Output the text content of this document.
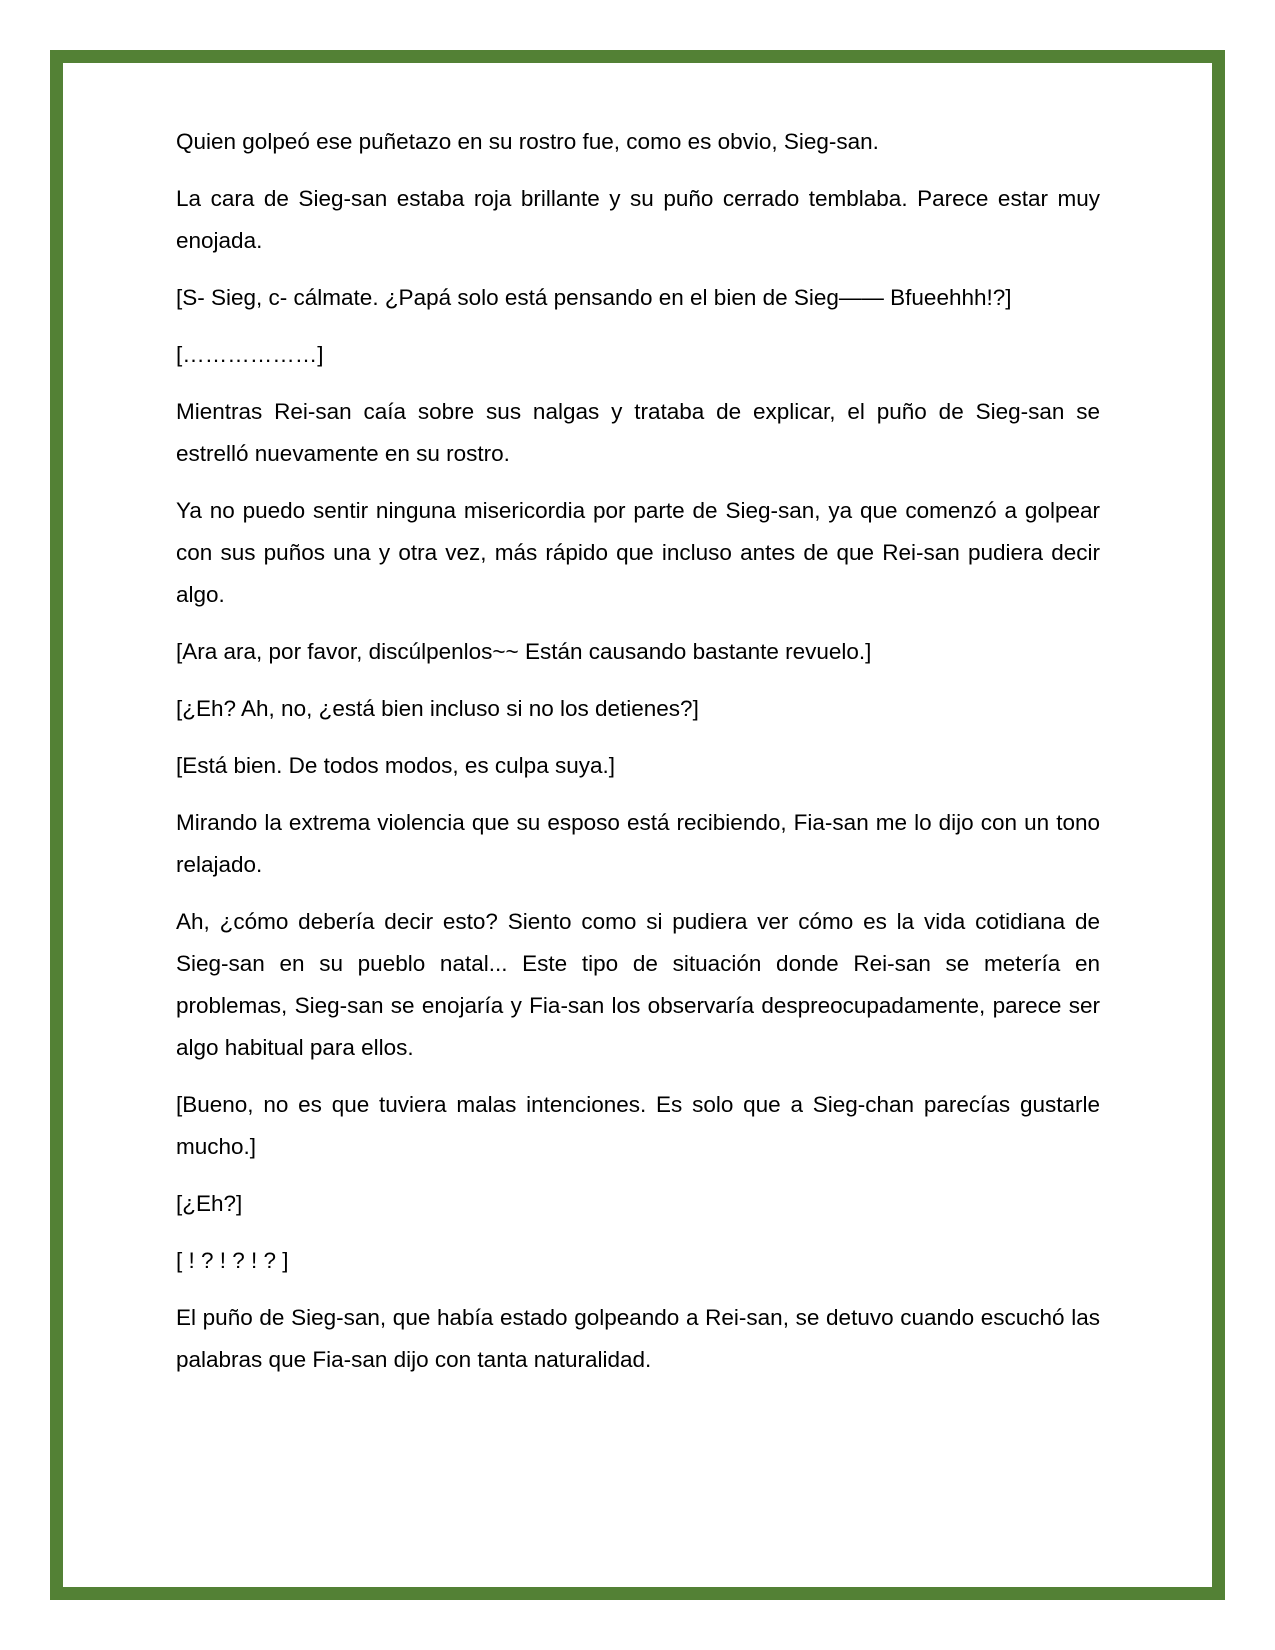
Quien golpeó ese puñetazo en su rostro fue, como es obvio, Sieg-san.

La cara de Sieg-san estaba roja brillante y su puño cerrado temblaba. Parece estar muy enojada.

[S- Sieg, c- cálmate. ¿Papá solo está pensando en el bien de Sieg—— Bfueehhh!?]

[………………]

Mientras Rei-san caía sobre sus nalgas y trataba de explicar, el puño de Sieg-san se estrelló nuevamente en su rostro.

Ya no puedo sentir ninguna misericordia por parte de Sieg-san, ya que comenzó a golpear con sus puños una y otra vez, más rápido que incluso antes de que Rei-san pudiera decir algo.

[Ara ara, por favor, discúlpenlos~~ Están causando bastante revuelo.]

[¿Eh? Ah, no, ¿está bien incluso si no los detienes?]

[Está bien. De todos modos, es culpa suya.]

Mirando la extrema violencia que su esposo está recibiendo, Fia-san me lo dijo con un tono relajado.

Ah, ¿cómo debería decir esto? Siento como si pudiera ver cómo es la vida cotidiana de Sieg-san en su pueblo natal... Este tipo de situación donde Rei-san se metería en problemas, Sieg-san se enojaría y Fia-san los observaría despreocupadamente, parece ser algo habitual para ellos.

[Bueno, no es que tuviera malas intenciones. Es solo que a Sieg-chan parecías gustarle mucho.]

[¿Eh?]

[ ! ? ! ? ! ? ]

El puño de Sieg-san, que había estado golpeando a Rei-san, se detuvo cuando escuchó las palabras que Fia-san dijo con tanta naturalidad.
